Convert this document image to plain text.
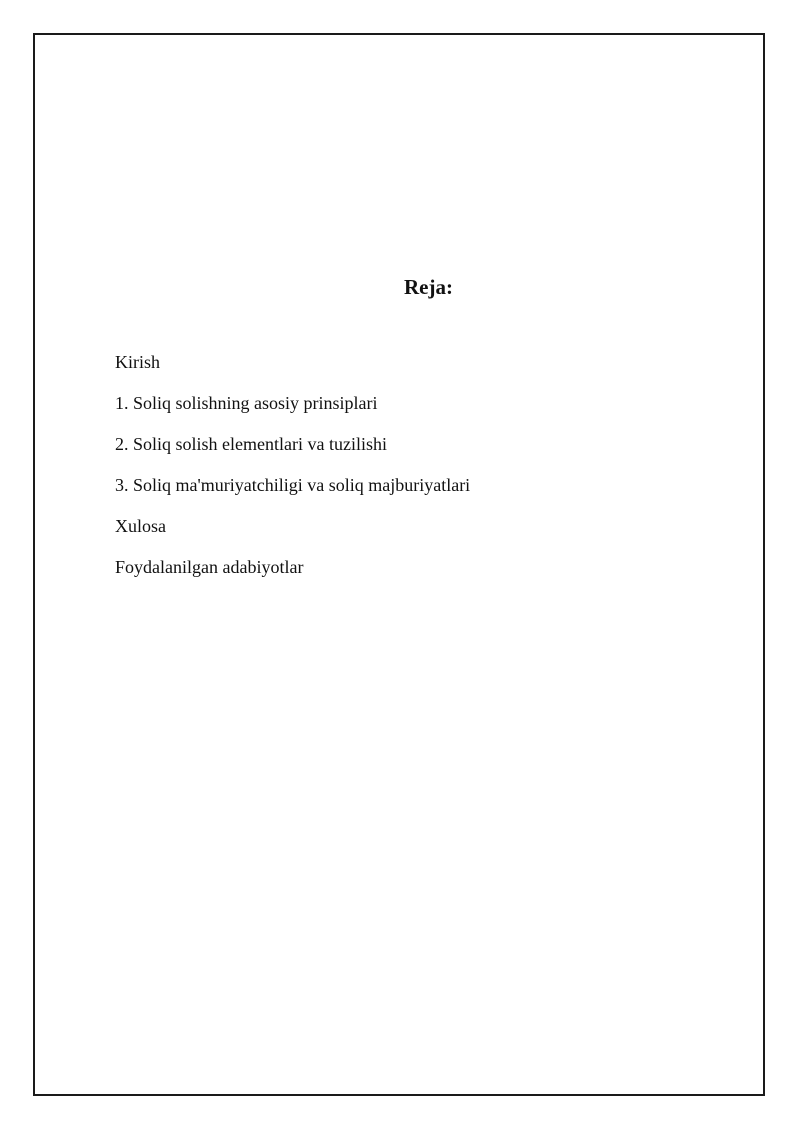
Reja:
Kirish
1. Soliq solishning asosiy prinsiplari
2. Soliq solish elementlari va tuzilishi
3. Soliq ma'muriyatchiligi va soliq majburiyatlari
Xulosa
Foydalanilgan adabiyotlar
